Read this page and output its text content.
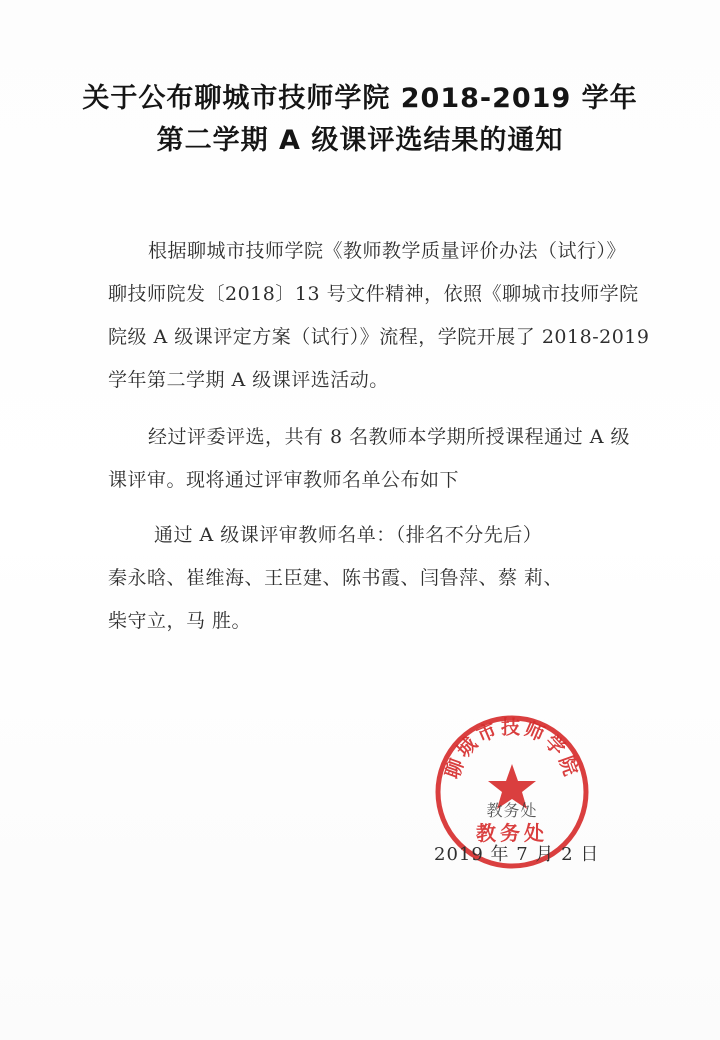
关于公布聊城市技师学院 2018-2019 学年
第二学期 A 级课评选结果的通知
根据聊城市技师学院《教师教学质量评价办法（试行）》
聊技师院发〔2018〕13 号文件精神，依照《聊城市技师学院
院级 A 级课评定方案（试行）》流程，学院开展了 2018-2019
学年第二学期 A 级课评选活动。
经过评委评选，共有 8 名教师本学期所授课程通过 A 级
课评审。现将通过评审教师名单公布如下
通过 A 级课评审教师名单：（排名不分先后）
秦永晗、崔维海、王臣建、陈书霞、闫鲁萍、蔡 莉、
柴守立，马 胜。
聊城市技师学院
教务处
教务处
2019 年 7 月 2 日
